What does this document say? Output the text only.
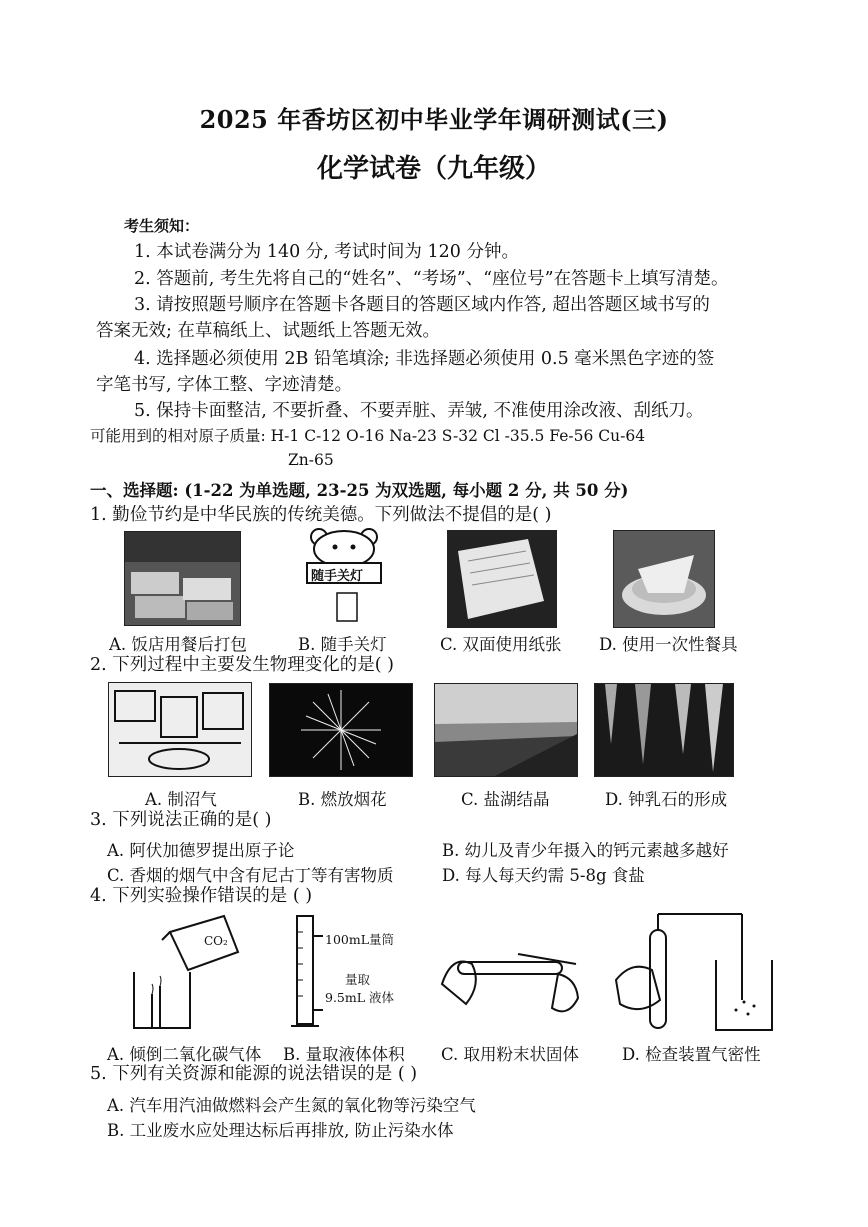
2025 年香坊区初中毕业学年调研测试(三)
化学试卷（九年级）
考生须知：
1. 本试卷满分为 140 分, 考试时间为 120 分钟。
2. 答题前, 考生先将自己的“姓名”、“考场”、“座位号”在答题卡上填写清楚。
3. 请按照题号顺序在答题卡各题目的答题区域内作答, 超出答题区域书写的
答案无效; 在草稿纸上、试题纸上答题无效。
4. 选择题必须使用 2B 铅笔填涂; 非选择题必须使用 0.5 毫米黑色字迹的签
字笔书写, 字体工整、字迹清楚。
5. 保持卡面整洁, 不要折叠、不要弄脏、弄皱, 不准使用涂改液、刮纸刀。
可能用到的相对原子质量: H-1 C-12 O-16 Na-23 S-32 Cl -35.5 Fe-56 Cu-64
Zn-65
一、选择题: (1-22 为单选题, 23-25 为双选题, 每小题 2 分, 共 50 分)
1. 勤俭节约是中华民族的传统美德。下列做法不提倡的是( )
随手关灯
A. 饭店用餐后打包	B. 随手关灯	C. 双面使用纸张 D. 使用一次性餐具
2. 下列过程中主要发生物理变化的是( )
A. 制沼气	B. 燃放烟花	C. 盐湖结晶	D. 钟乳石的形成
3. 下列说法正确的是( )
A. 阿伏加德罗提出原子论	B. 幼儿及青少年摄入的钙元素越多越好
C. 香烟的烟气中含有尼古丁等有害物质	D. 每人每天约需 5-8g 食盐
4. 下列实验操作错误的是 ( )
CO₂	100mL量筒
量取
9.5mL 液体
A. 倾倒二氧化碳气体 B. 量取液体体积 C. 取用粉末状固体	D. 检查装置气密性
5. 下列有关资源和能源的说法错误的是 ( )
A. 汽车用汽油做燃料会产生氮的氧化物等污染空气
B. 工业废水应处理达标后再排放, 防止污染水体
